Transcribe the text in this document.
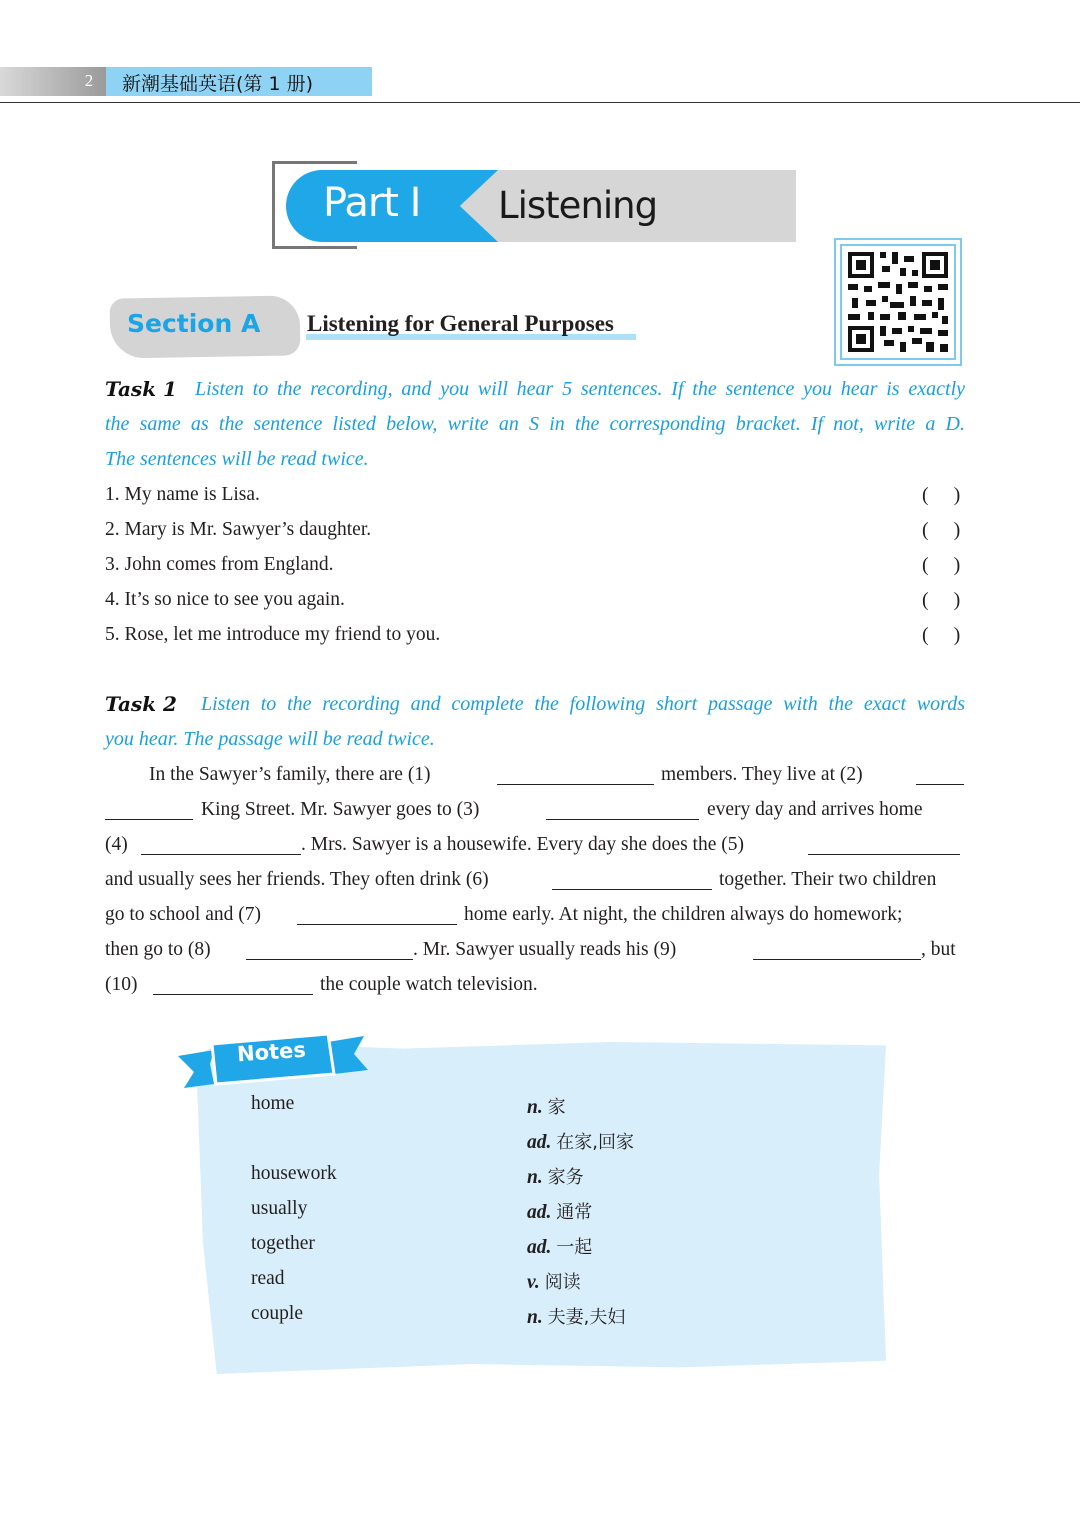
2	新潮基础英语(第 1 册)
Part I Listening
Section A Listening for General Purposes
Task 1 Listen to the recording, and you will hear 5 sentences. If the sentence you hear is exactly
the same as the sentence listed below, write an S in the corresponding bracket. If not, write a D.
The sentences will be read twice.
1. My name is Lisa.	(     )
2. Mary is Mr. Sawyer’s daughter.	(     )
3. John comes from England.	(     )
4. It’s so nice to see you again.	(     )
5. Rose, let me introduce my friend to you.	(     )
Task 2 Listen to the recording and complete the following short passage with the exact words
you hear. The passage will be read twice.
In the Sawyer’s family, there are (1)	members. They live at (2)
King Street. Mr. Sawyer goes to (3)	every day and arrives home
(4)	. Mrs. Sawyer is a housewife. Every day she does the (5)
and usually sees her friends. They often drink (6)	together. Their two children
go to school and (7)	home early. At night, the children always do homework;
then go to (8)	. Mr. Sawyer usually reads his (9)	, but
(10)	the couple watch television.
Notes
home	n. 家
ad. 在家,回家
housework	n. 家务
usually	ad. 通常
together	ad. 一起
read	v. 阅读
couple	n. 夫妻,夫妇
